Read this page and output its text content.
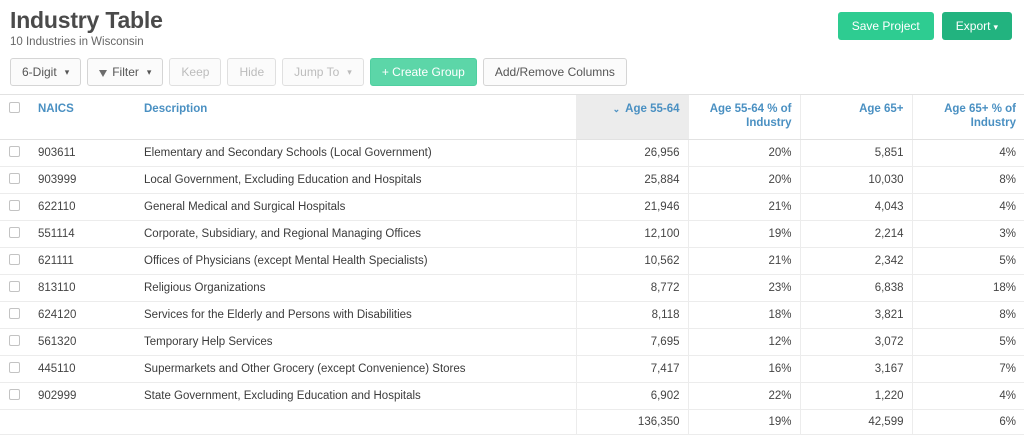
Industry Table
10 Industries in Wisconsin
Save Project	Export ▾
6-Digit ▾	Filter ▾	Keep	Hide	Jump To ▾	+ Create Group	Add/Remove Columns
	NAICS	Description	⌄ Age 55-64	Age 55-64 % of Industry	Age 65+	Age 65+ % of Industry
	903611	Elementary and Secondary Schools (Local Government)	26,956	20%	5,851	4%
	903999	Local Government, Excluding Education and Hospitals	25,884	20%	10,030	8%
	622110	General Medical and Surgical Hospitals	21,946	21%	4,043	4%
	551114	Corporate, Subsidiary, and Regional Managing Offices	12,100	19%	2,214	3%
	621111	Offices of Physicians (except Mental Health Specialists)	10,562	21%	2,342	5%
	813110	Religious Organizations	8,772	23%	6,838	18%
	624120	Services for the Elderly and Persons with Disabilities	8,118	18%	3,821	8%
	561320	Temporary Help Services	7,695	12%	3,072	5%
	445110	Supermarkets and Other Grocery (except Convenience) Stores	7,417	16%	3,167	7%
	902999	State Government, Excluding Education and Hospitals	6,902	22%	1,220	4%
			136,350	19%	42,599	6%
